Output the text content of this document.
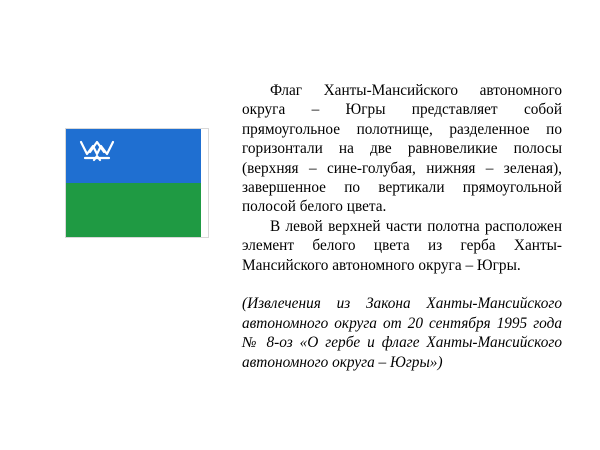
Флаг Ханты-Мансийского автономного округа – Югры представляет собой прямоугольное полотнище, разделенное по горизонтали на две равновеликие полосы (верхняя – сине-голубая, нижняя – зеленая), завершенное по вертикали прямоугольной полосой белого цвета.

В левой верхней части полотна расположен элемент белого цвета из герба Ханты-Мансийского автономного округа – Югры.

(Извлечения из Закона Ханты-Мансийского автономного округа от 20 сентября 1995 года № 8-оз «О гербе и флаге Ханты-Мансийского автономного округа – Югры»)
